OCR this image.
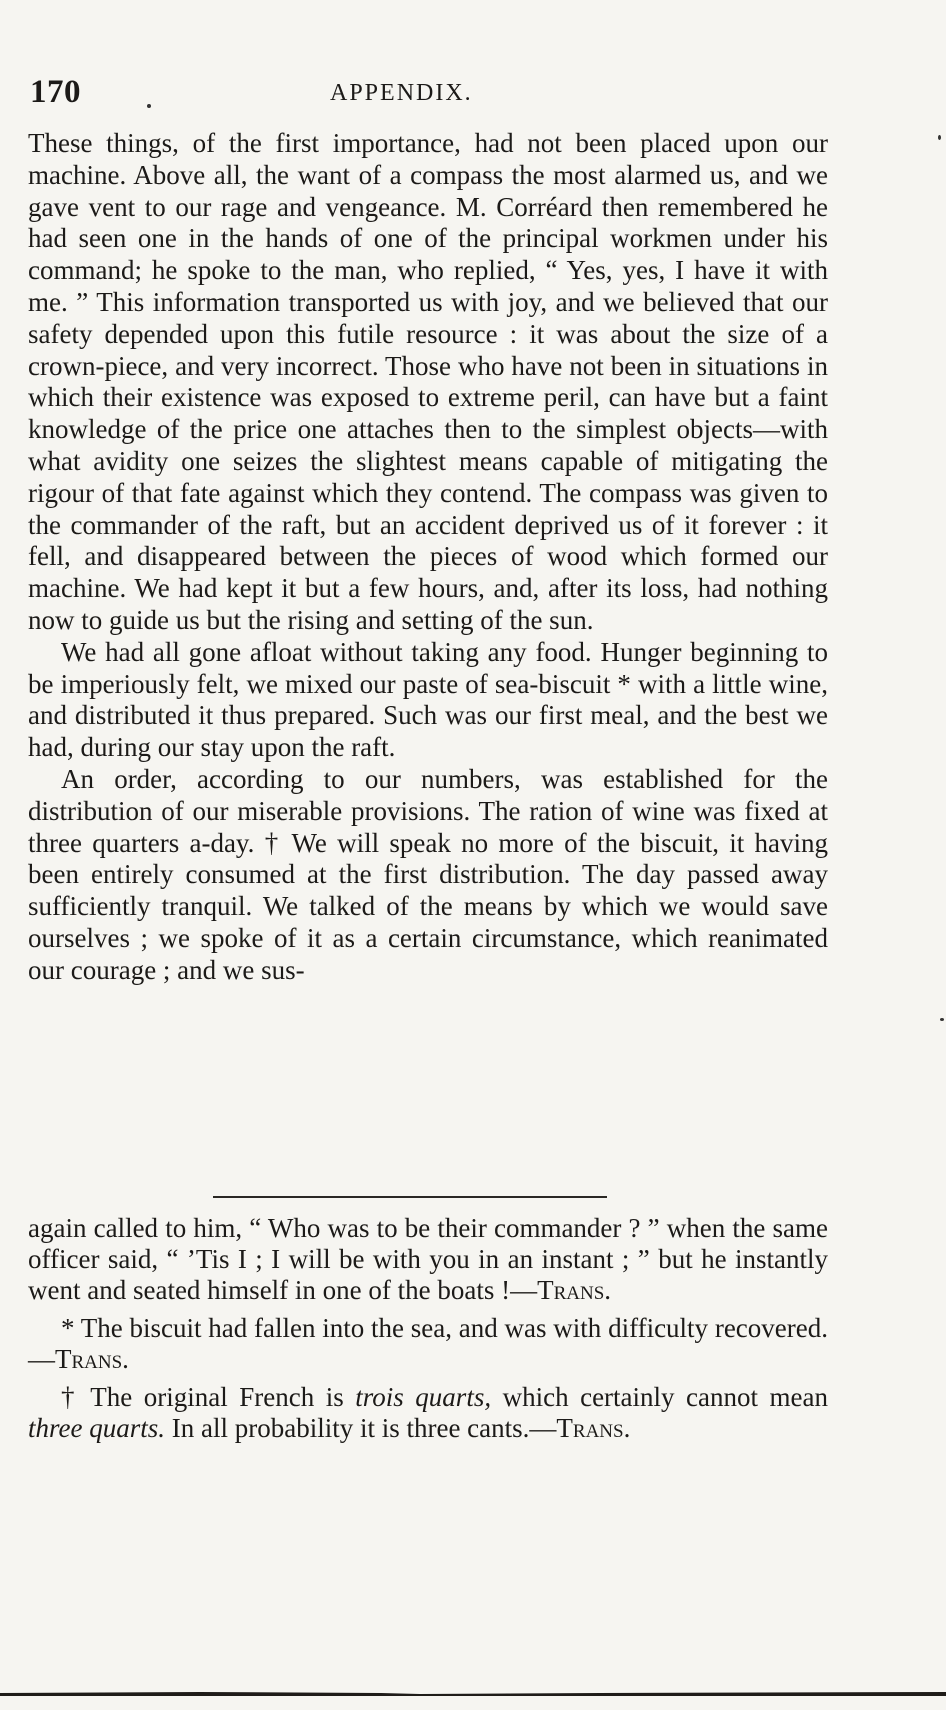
170	APPENDIX.

These things, of the first importance, had not been placed upon our machine. Above all, the want of a compass the most alarmed us, and we gave vent to our rage and vengeance. M. Corréard then remembered he had seen one in the hands of one of the principal workmen under his command; he spoke to the man, who replied, “ Yes, yes, I have it with me. ” This information transported us with joy, and we believed that our safety depended upon this futile resource : it was about the size of a crown-piece, and very incorrect. Those who have not been in situations in which their existence was exposed to extreme peril, can have but a faint knowledge of the price one attaches then to the simplest objects—with what avidity one seizes the slightest means capable of mitigating the rigour of that fate against which they contend. The compass was given to the commander of the raft, but an accident deprived us of it forever : it fell, and disappeared between the pieces of wood which formed our machine. We had kept it but a few hours, and, after its loss, had nothing now to guide us but the rising and setting of the sun.

We had all gone afloat without taking any food. Hunger beginning to be imperiously felt, we mixed our paste of sea-biscuit * with a little wine, and distributed it thus prepared. Such was our first meal, and the best we had, during our stay upon the raft.

An order, according to our numbers, was established for the distribution of our miserable provisions. The ration of wine was fixed at three quarters a-day. † We will speak no more of the biscuit, it having been entirely consumed at the first distribution. The day passed away sufficiently tranquil. We talked of the means by which we would save ourselves ; we spoke of it as a certain circumstance, which reanimated our courage ; and we sus-

again called to him, “ Who was to be their commander ? ” when the same officer said, “ ’Tis I ; I will be with you in an instant ; ” but he instantly went and seated himself in one of the boats !—Trans.

* The biscuit had fallen into the sea, and was with difficulty recovered.—Trans.

† The original French is trois quarts, which certainly cannot mean three quarts. In all probability it is three cants.—Trans.
